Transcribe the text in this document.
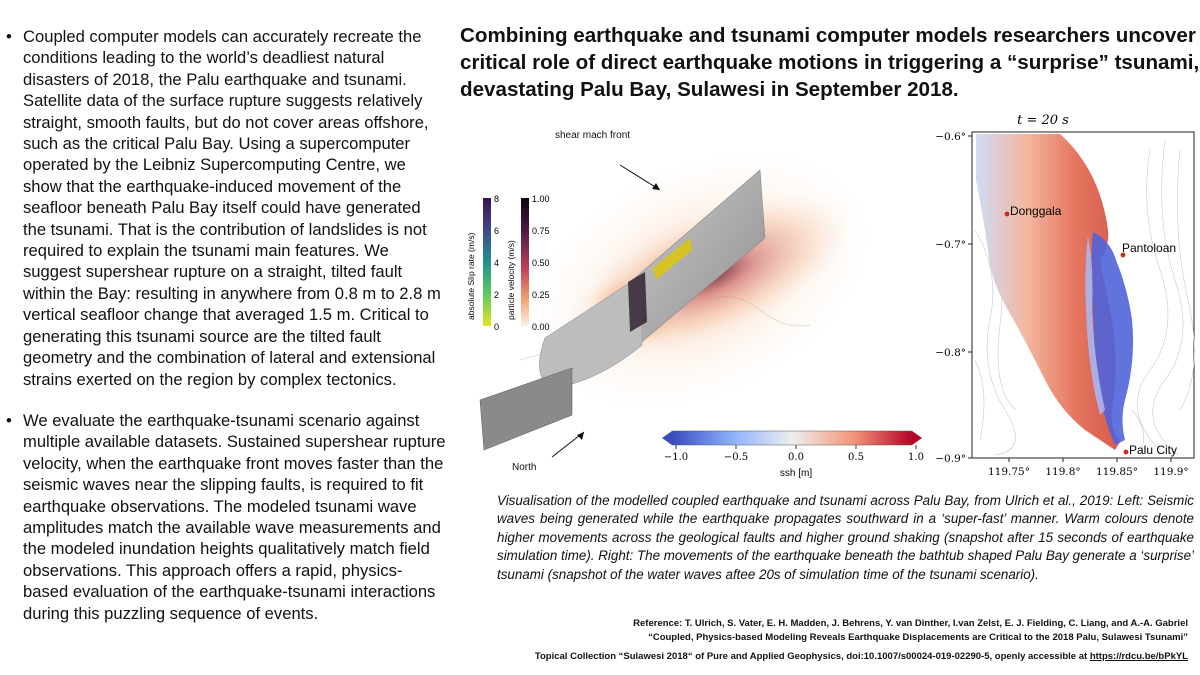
• Coupled computer models can accurately recreate the conditions leading to the world’s deadliest natural disasters of 2018, the Palu earthquake and tsunami. Satellite data of the surface rupture suggests relatively straight, smooth faults, but do not cover areas offshore, such as the critical Palu Bay. Using a supercomputer operated by the Leibniz Supercomputing Centre, we show that the earthquake-induced movement of the seafloor beneath Palu Bay itself could have generated the tsunami. That is the contribution of landslides is not required to explain the tsunami main features. We suggest supershear rupture on a straight, tilted fault within the Bay: resulting in anywhere from 0.8 m to 2.8 m vertical seafloor change that averaged 1.5 m. Critical to generating this tsunami source are the tilted fault geometry and the combination of lateral and extensional strains exerted on the region by complex tectonics.
• We evaluate the earthquake-tsunami scenario against multiple available datasets. Sustained supershear rupture velocity, when the earthquake front moves faster than the seismic waves near the slipping faults, is required to fit earthquake observations. The modeled tsunami wave amplitudes match the available wave measurements and the modeled inundation heights qualitatively match field observations. This approach offers a rapid, physics-based evaluation of the earthquake-tsunami interactions during this puzzling sequence of events.
Combining earthquake and tsunami computer models researchers uncover critical role of direct earthquake motions in triggering a “surprise” tsunami, devastating Palu Bay, Sulawesi in September 2018.
shear mach front
North
8
6
4
2
0
absolute Slip rate (m/s)
1.00
0.75
0.50
0.25
0.00
particle velocity (m/s)
−1.0	−0.5	0.0	0.5	1.0
ssh [m]
t = 20 s
Donggala
Pantoloan
Palu City
−0.6°
−0.7°
−0.8°
−0.9°
119.75° 119.8° 119.85° 119.9°
Visualisation of the modelled coupled earthquake and tsunami across Palu Bay, from Ulrich et al., 2019: Left: Seismic waves being generated while the earthquake propagates southward in a ‘super-fast’ manner. Warm colours denote higher movements across the geological faults and higher ground shaking (snapshot after 15 seconds of earthquake simulation time). Right: The movements of the earthquake beneath the bathtub shaped Palu Bay generate a ‘surprise’ tsunami (snapshot of the water waves aftee 20s of simulation time of the tsunami scenario).
Reference: T. Ulrich, S. Vater, E. H. Madden, J. Behrens, Y. van Dinther, I.van Zelst, E. J. Fielding, C. Liang, and A.-A. Gabriel
“Coupled, Physics-based Modeling Reveals Earthquake Displacements are Critical to the 2018 Palu, Sulawesi Tsunami”
Topical Collection “Sulawesi 2018“ of Pure and Applied Geophysics, doi:10.1007/s00024-019-02290-5, openly accessible at https://rdcu.be/bPkYL
